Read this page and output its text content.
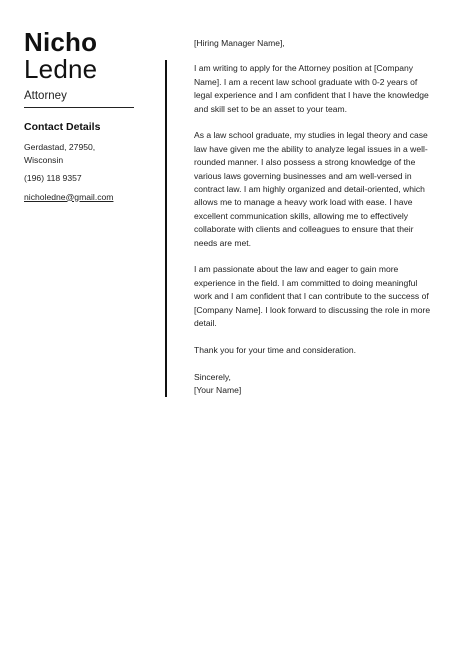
Nicho
Ledne
Attorney
Contact Details
Gerdastad, 27950,
Wisconsin
(196) 118 9357
nicholedne@gmail.com

[Hiring Manager Name],

I am writing to apply for the Attorney position at [Company
Name]. I am a recent law school graduate with 0-2 years of
legal experience and I am confident that I have the knowledge
and skill set to be an asset to your team.

As a law school graduate, my studies in legal theory and case
law have given me the ability to analyze legal issues in a well-
rounded manner. I also possess a strong knowledge of the
various laws governing businesses and am well-versed in
contract law. I am highly organized and detail-oriented, which
allows me to manage a heavy work load with ease. I have
excellent communication skills, allowing me to effectively
collaborate with clients and colleagues to ensure that their
needs are met.

I am passionate about the law and eager to gain more
experience in the field. I am committed to doing meaningful
work and I am confident that I can contribute to the success of
[Company Name]. I look forward to discussing the role in more
detail.

Thank you for your time and consideration.

Sincerely,

[Your Name]
